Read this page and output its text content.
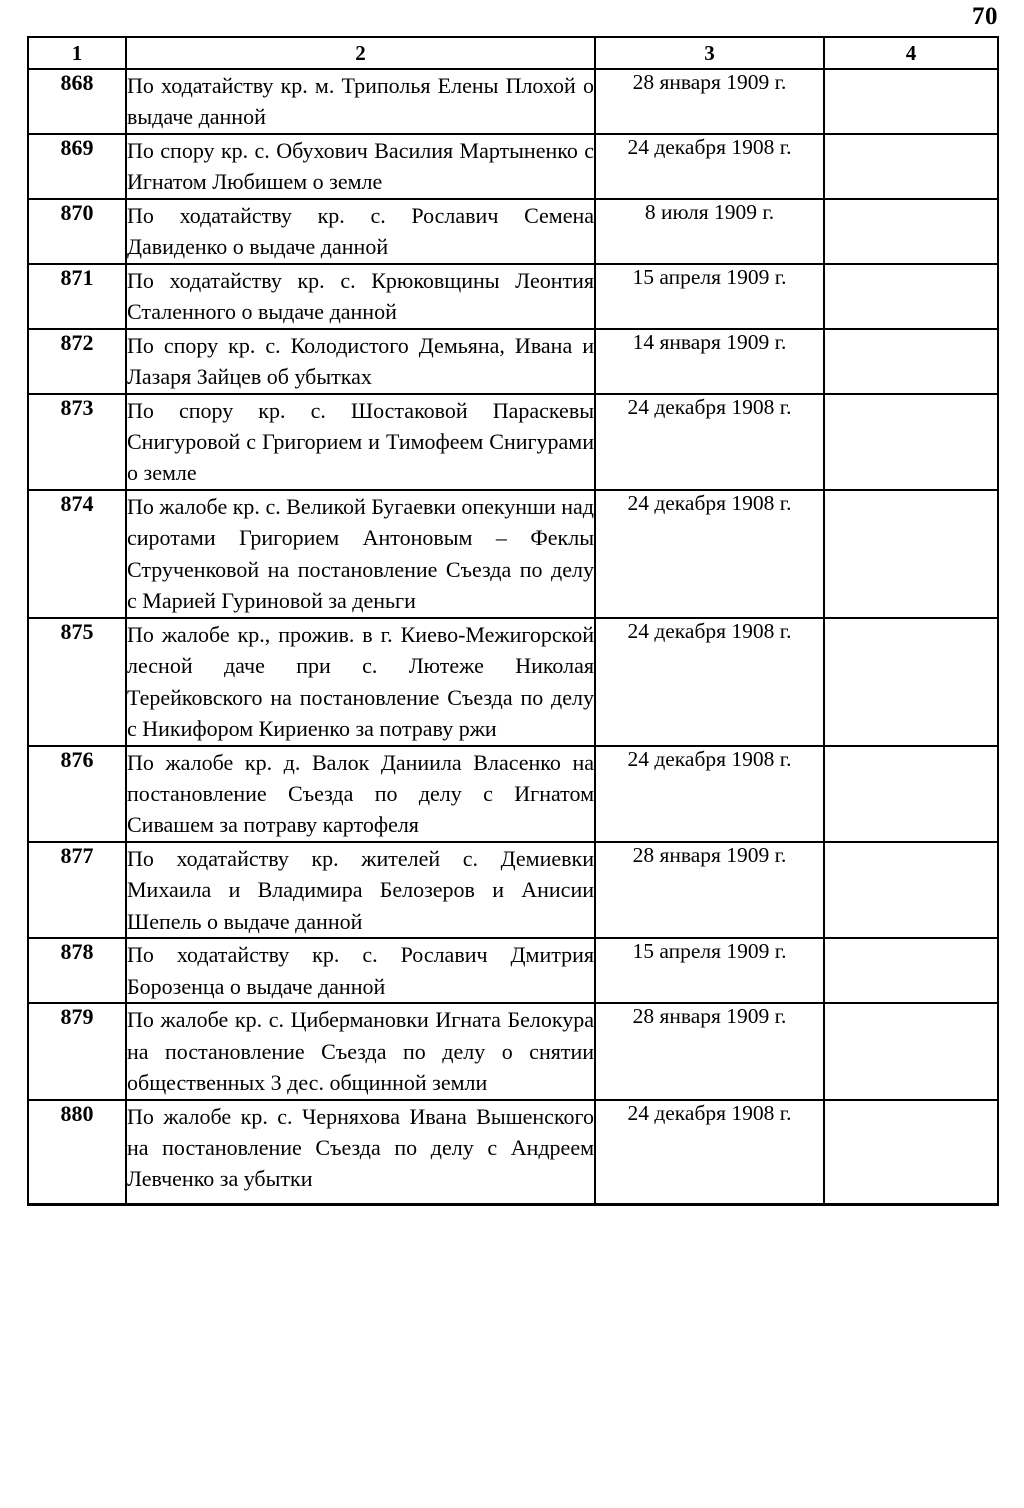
70
1	2	3	4
868	По ходатайству кр. м. Триполья Елены Плохой о выдаче данной	28 января 1909 г.	
869	По спору кр. с. Обухович Василия Мартыненко с Игнатом Любишем о земле	24 декабря 1908 г.	
870	По ходатайству кр. с. Рославич Семена Давиденко о выдаче данной	8 июля 1909 г.	
871	По ходатайству кр. с. Крюковщины Леонтия Сталенного о выдаче данной	15 апреля 1909 г.	
872	По спору кр. с. Колодистого Демьяна, Ивана и Лазаря Зайцев об убытках	14 января 1909 г.	
873	По спору кр. с. Шостаковой Параскевы Снигуровой с Григорием и Тимофеем Снигурами о земле	24 декабря 1908 г.	
874	По жалобе кр. с. Великой Бугаевки опекунши над сиротами Григорием Антоновым – Феклы Струченковой на постановление Съезда по делу с Марией Гуриновой за деньги	24 декабря 1908 г.	
875	По жалобе кр., прожив. в г. Киево-Межигорской лесной даче при с. Лютеже Николая Терейковского на постановление Съезда по делу с Никифором Кириенко за потраву ржи	24 декабря 1908 г.	
876	По жалобе кр. д. Валок Даниила Власенко на постановление Съезда по делу с Игнатом Сивашем за потраву картофеля	24 декабря 1908 г.	
877	По ходатайству кр. жителей с. Демиевки Михаила и Владимира Белозеров и Анисии Шепель о выдаче данной	28 января 1909 г.	
878	По ходатайству кр. с. Рославич Дмитрия Борозенца о выдаче данной	15 апреля 1909 г.	
879	По жалобе кр. с. Цибермановки Игната Белокура на постановление Съезда по делу о снятии общественных 3 дес. общинной земли	28 января 1909 г.	
880	По жалобе кр. с. Черняхова Ивана Вышенского на постановление Съезда по делу с Андреем Левченко за убытки	24 декабря 1908 г.	
